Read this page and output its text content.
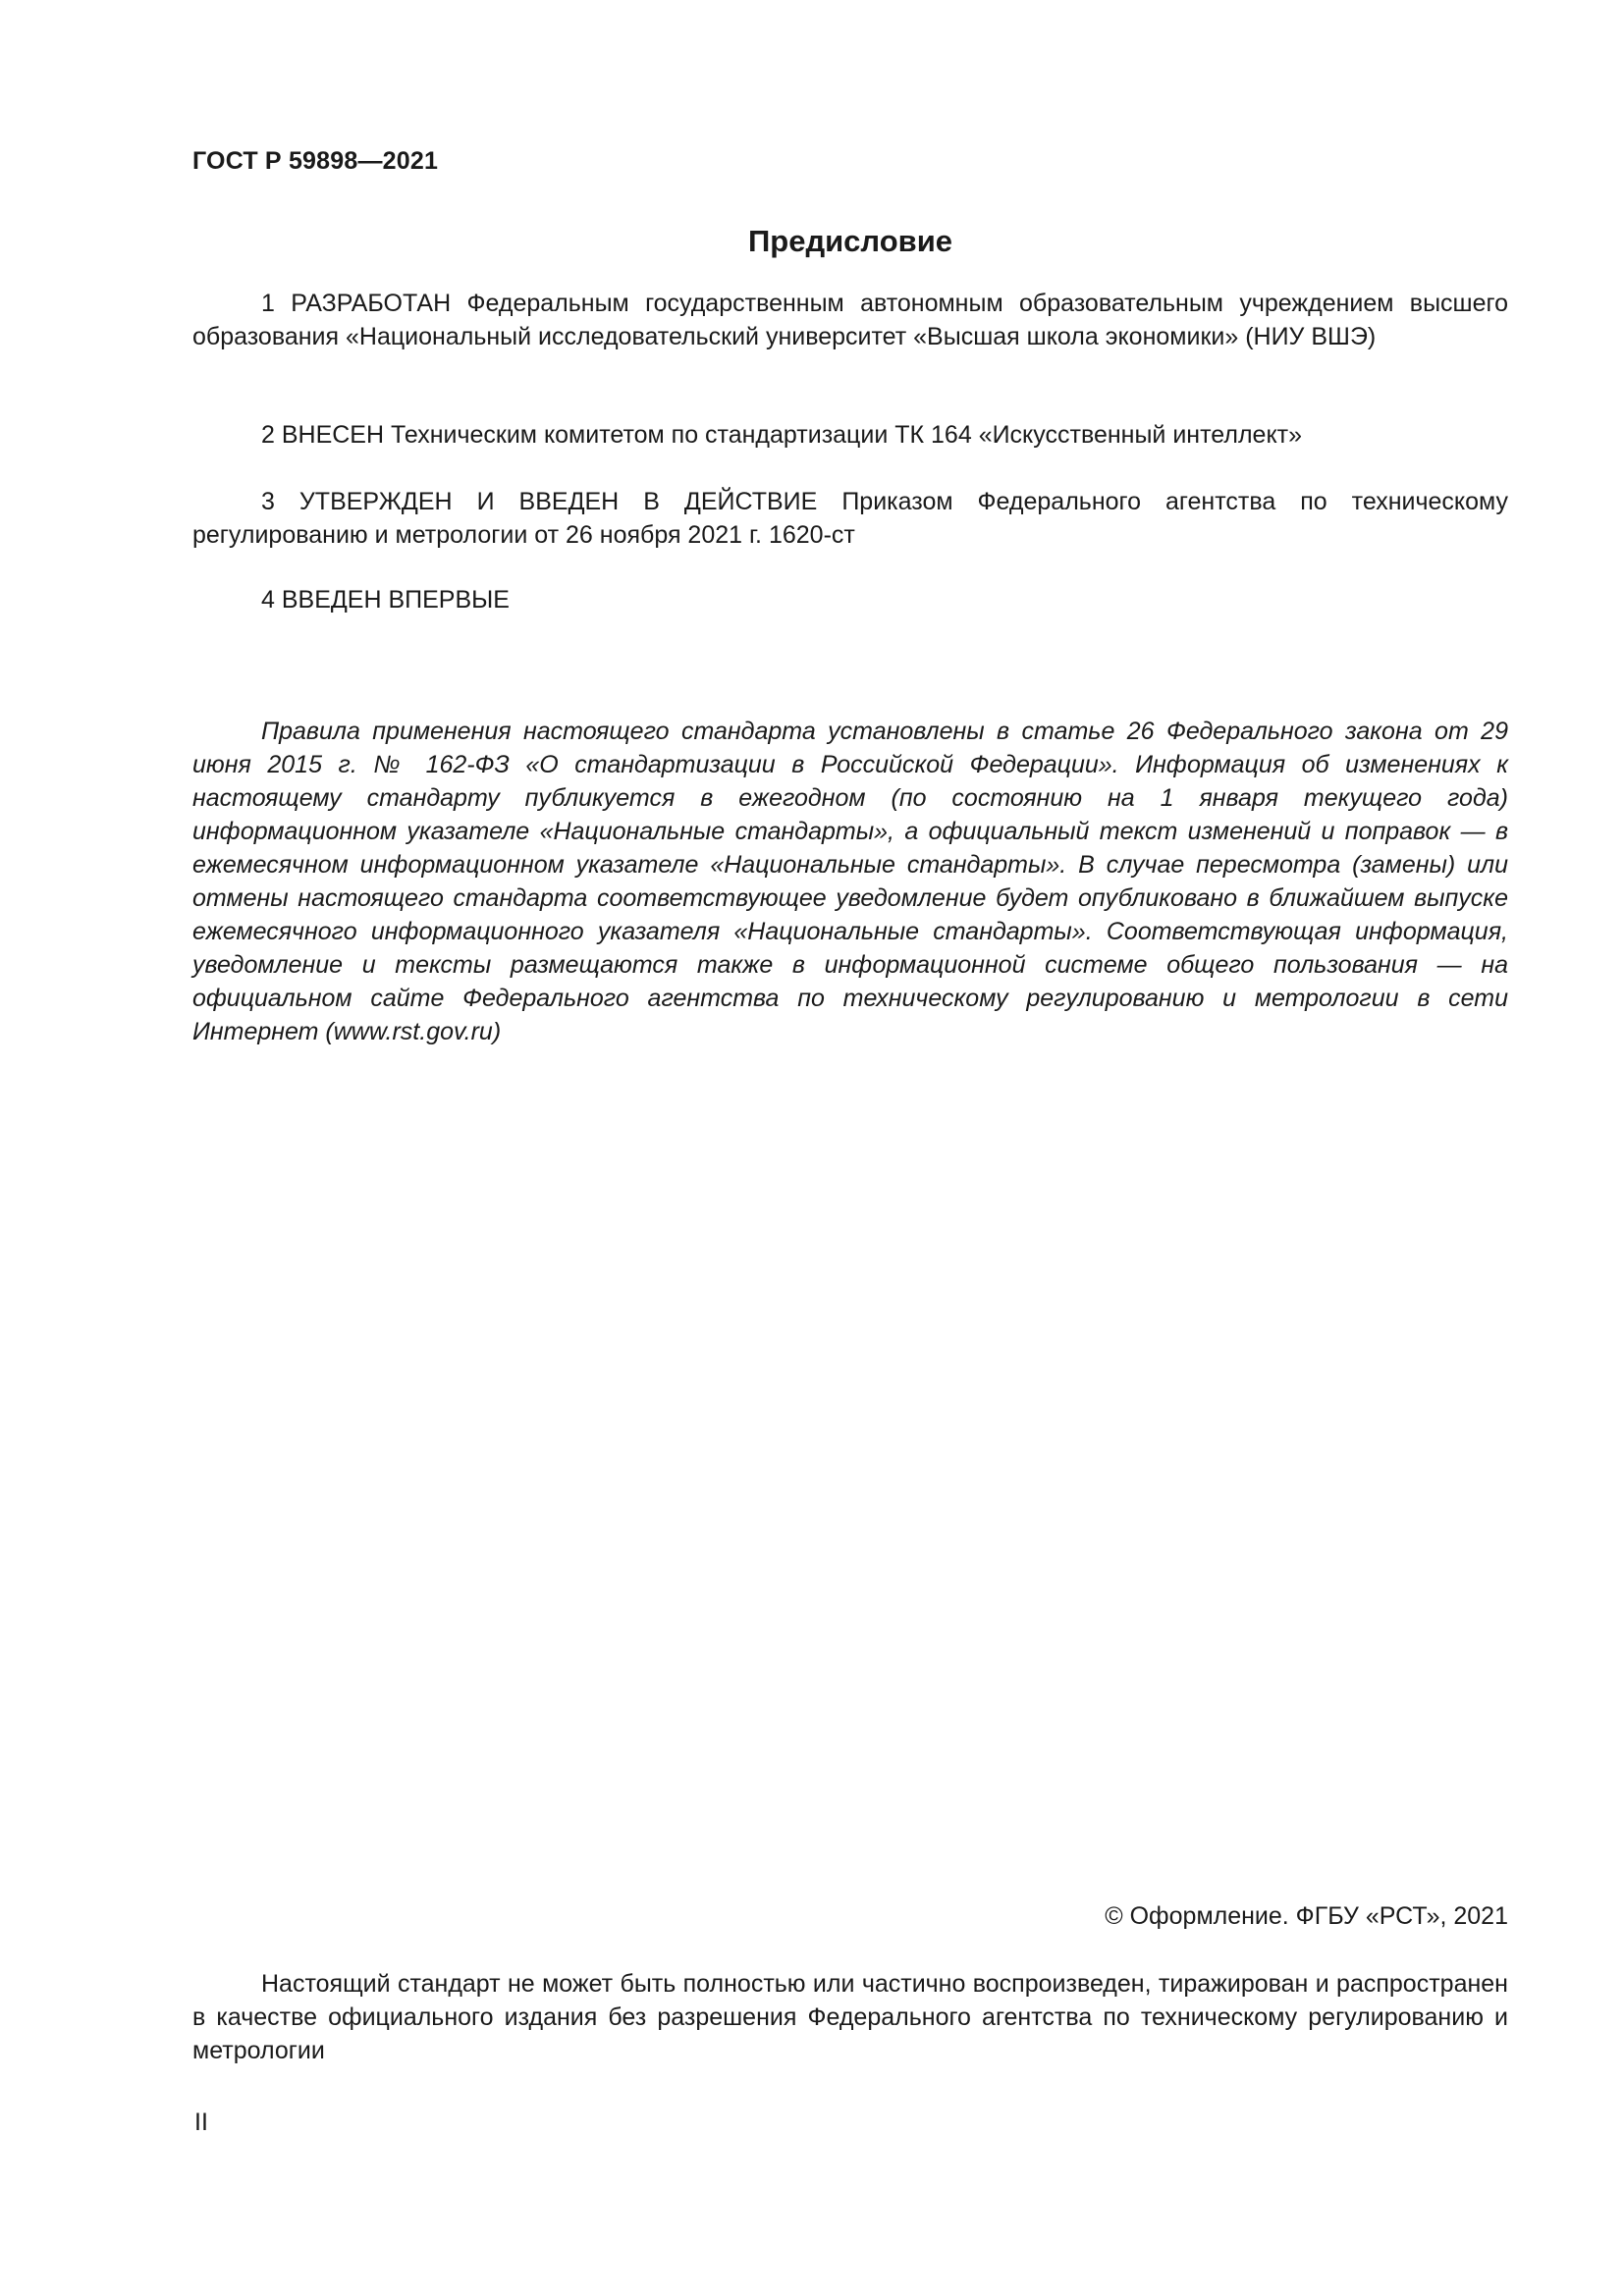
ГОСТ Р 59898—2021
Предисловие

1 РАЗРАБОТАН Федеральным государственным автономным образовательным учреждением высшего образования «Национальный исследовательский университет «Высшая школа экономики» (НИУ ВШЭ)

2 ВНЕСЕН Техническим комитетом по стандартизации ТК 164 «Искусственный интеллект»

3 УТВЕРЖДЕН И ВВЕДЕН В ДЕЙСТВИЕ Приказом Федерального агентства по техническому регулированию и метрологии от 26 ноября 2021 г. 1620-ст

4 ВВЕДЕН ВПЕРВЫЕ

Правила применения настоящего стандарта установлены в статье 26 Федерального закона от 29 июня 2015 г. № 162-ФЗ «О стандартизации в Российской Федерации». Информация об изменениях к настоящему стандарту публикуется в ежегодном (по состоянию на 1 января текущего года) информационном указателе «Национальные стандарты», а официальный текст изменений и поправок — в ежемесячном информационном указателе «Национальные стандарты». В случае пересмотра (замены) или отмены настоящего стандарта соответствующее уведомление будет опубликовано в ближайшем выпуске ежемесячного информационного указателя «Национальные стандарты». Соответствующая информация, уведомление и тексты размещаются также в информационной системе общего пользования — на официальном сайте Федерального агентства по техническому регулированию и метрологии в сети Интернет (www.rst.gov.ru)

© Оформление. ФГБУ «РСТ», 2021

Настоящий стандарт не может быть полностью или частично воспроизведен, тиражирован и распространен в качестве официального издания без разрешения Федерального агентства по техническому регулированию и метрологии

II
